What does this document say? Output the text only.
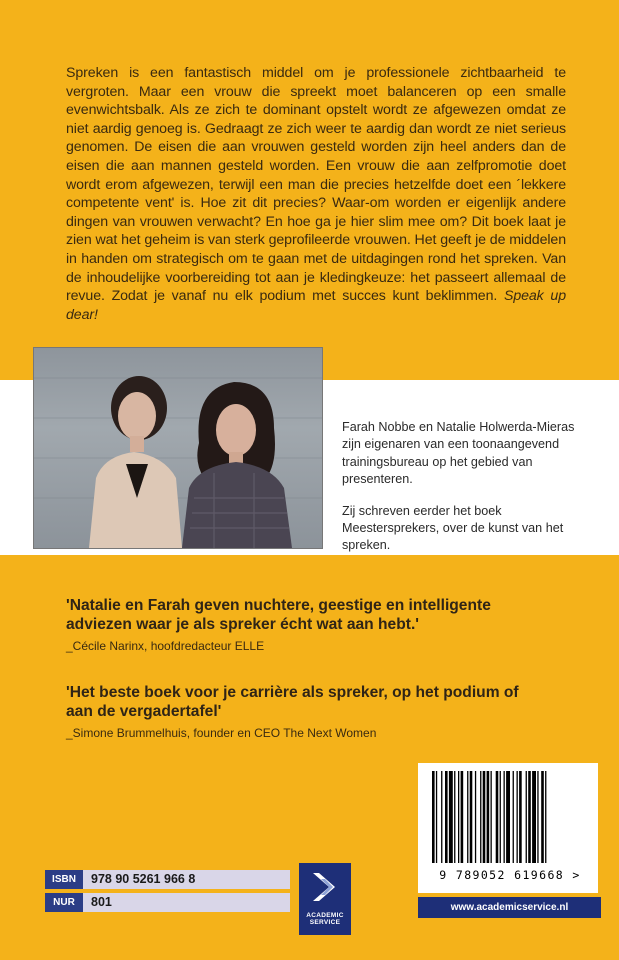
Spreken is een fantastisch middel om je professionele zichtbaarheid te vergroten. Maar een vrouw die spreekt moet balanceren op een smalle evenwichtsbalk. Als ze zich te dominant opstelt wordt ze afgewezen omdat ze niet aardig genoeg is. Gedraagt ze zich weer te aardig dan wordt ze niet serieus genomen. De eisen die aan vrouwen gesteld worden zijn heel anders dan de eisen die aan mannen gesteld worden. Een vrouw die aan zelfpromotie doet wordt erom afgewezen, terwijl een man die precies hetzelfde doet een ´lekkere competente vent' is. Hoe zit dit precies? Waar-om worden er eigenlijk andere dingen van vrouwen verwacht? En hoe ga je hier slim mee om? Dit boek laat je zien wat het geheim is van sterk geprofileerde vrouwen. Het geeft je de middelen in handen om strategisch om te gaan met de uitdagingen rond het spreken. Van de inhoudelijke voorbereiding tot aan je kledingkeuze: het passeert allemaal de revue. Zodat je vanaf nu elk podium met succes kunt beklimmen. Speak up dear!

Farah Nobbe en Natalie Holwerda-Mieras zijn eigenaren van een toonaangevend trainingsbureau op het gebied van presenteren.

Zij schreven eerder het boek Meestersprekers, over de kunst van het spreken.

'Natalie en Farah geven nuchtere, geestige en intelligente adviezen waar je als spreker écht wat aan hebt.'
_Cécile Narinx, hoofdredacteur ELLE
'Het beste boek voor je carrière als spreker, op het podium of aan de vergadertafel'
_Simone Brummelhuis, founder en CEO The Next Women
ISBN	978 90 5261 966 8
NUR	801
ACADEMIC SERVICE
9 789052 619668 >
www.academicservice.nl
